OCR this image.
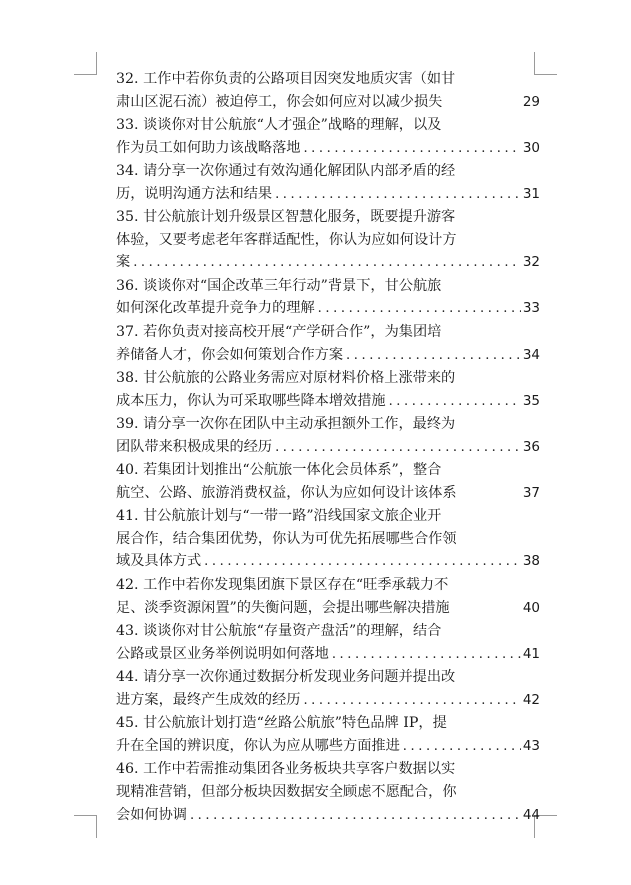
32. 工作中若你负责的公路项目因突发地质灾害（如甘
肃山区泥石流）被迫停工，你会如何应对以减少损失	29
33. 谈谈你对甘公航旅“人才强企”战略的理解，以及
作为员工如何助力该战略落地 .....	30
34. 请分享一次你通过有效沟通化解团队内部矛盾的经
历，说明沟通方法和结果 .....	31
35. 甘公航旅计划升级景区智慧化服务，既要提升游客
体验，又要考虑老年客群适配性，你认为应如何设计方
案 .....	32
36. 谈谈你对“国企改革三年行动”背景下，甘公航旅
如何深化改革提升竞争力的理解 .....	33
37. 若你负责对接高校开展“产学研合作”，为集团培
养储备人才，你会如何策划合作方案 .....	34
38. 甘公航旅的公路业务需应对原材料价格上涨带来的
成本压力，你认为可采取哪些降本增效措施 .....	35
39. 请分享一次你在团队中主动承担额外工作，最终为
团队带来积极成果的经历 .....	36
40. 若集团计划推出“公航旅一体化会员体系”，整合
航空、公路、旅游消费权益，你认为应如何设计该体系	37
41. 甘公航旅计划与“一带一路”沿线国家文旅企业开
展合作，结合集团优势，你认为可优先拓展哪些合作领
域及具体方式 .....	38
42. 工作中若你发现集团旗下景区存在“旺季承载力不
足、淡季资源闲置”的失衡问题，会提出哪些解决措施	40
43. 谈谈你对甘公航旅“存量资产盘活”的理解，结合
公路或景区业务举例说明如何落地 .....	41
44. 请分享一次你通过数据分析发现业务问题并提出改
进方案，最终产生成效的经历 .....	42
45. 甘公航旅计划打造“丝路公航旅”特色品牌 IP，提
升在全国的辨识度，你认为应从哪些方面推进 .....	43
46. 工作中若需推动集团各业务板块共享客户数据以实
现精准营销，但部分板块因数据安全顾虑不愿配合，你
会如何协调 .....	44
